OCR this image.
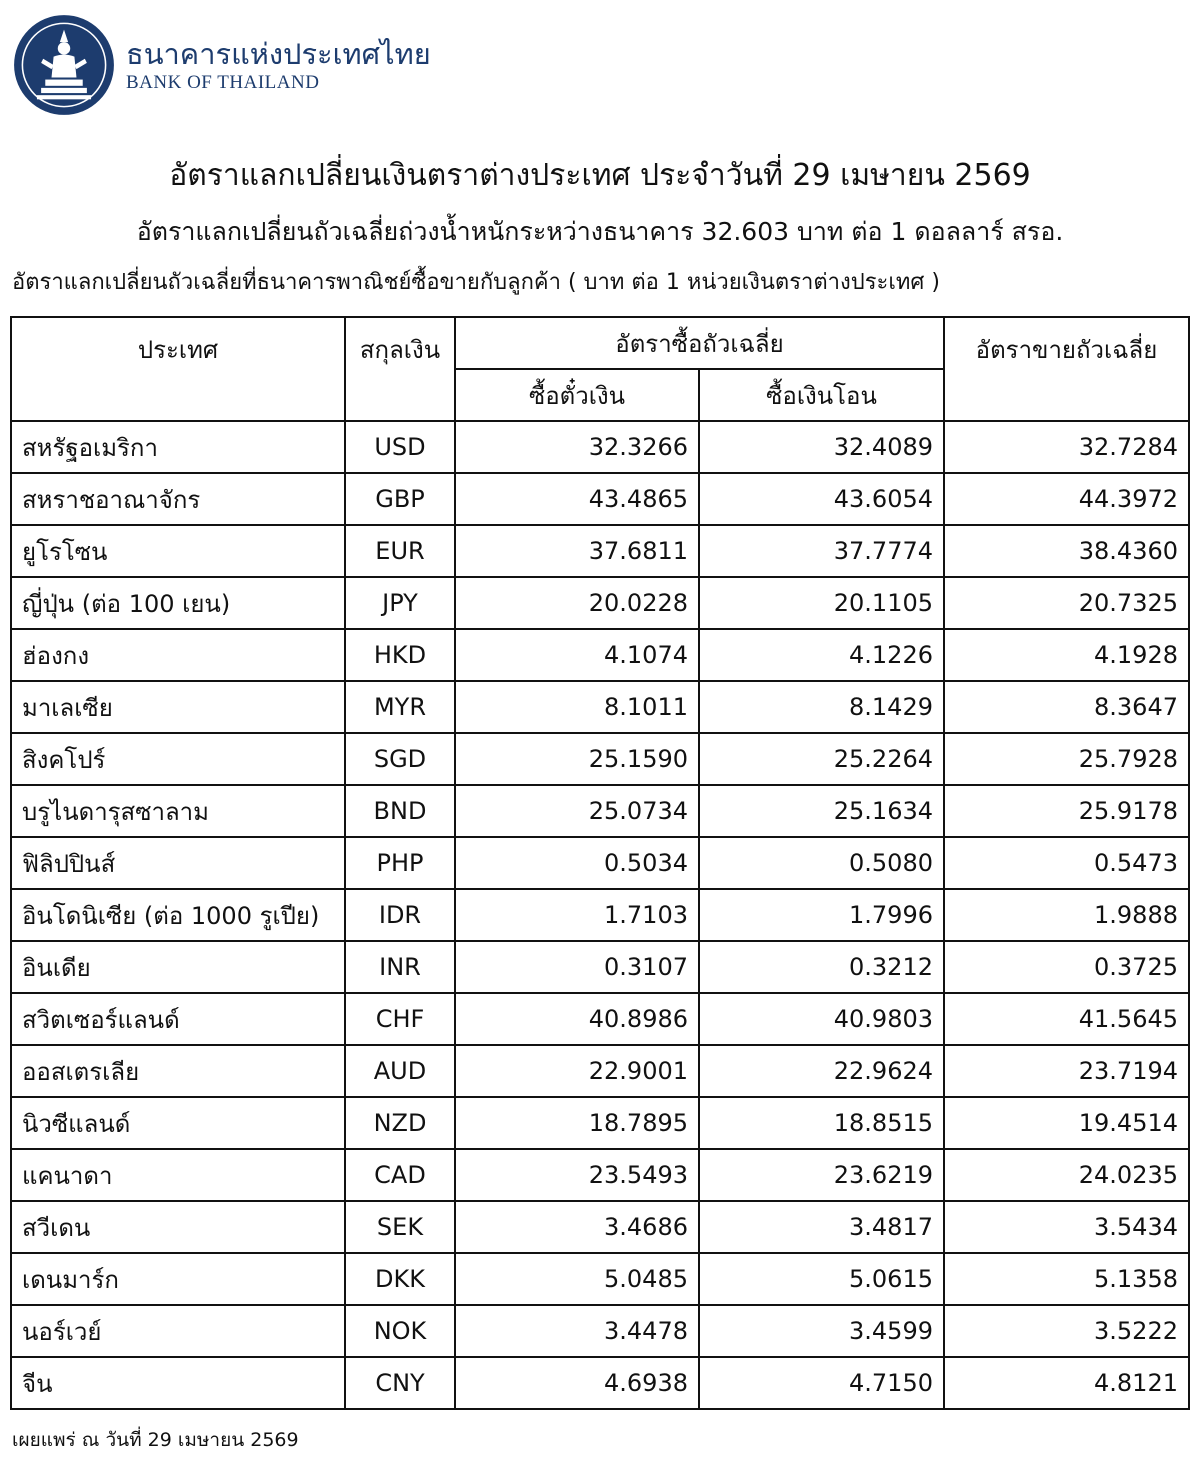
ธนาคารแห่งประเทศไทย
BANK OF THAILAND
อัตราแลกเปลี่ยนเงินตราต่างประเทศ ประจำวันที่ 29 เมษายน 2569
อัตราแลกเปลี่ยนถัวเฉลี่ยถ่วงน้ำหนักระหว่างธนาคาร 32.603 บาท ต่อ 1 ดอลลาร์ สรอ.
อัตราแลกเปลี่ยนถัวเฉลี่ยที่ธนาคารพาณิชย์ซื้อขายกับลูกค้า ( บาท ต่อ 1 หน่วยเงินตราต่างประเทศ )
ประเทศ	สกุลเงิน	อัตราซื้อถัวเฉลี่ย		อัตราขายถัวเฉลี่ย
		ซื้อตั๋วเงิน	ซื้อเงินโอน	
สหรัฐอเมริกา	USD	32.3266	32.4089	32.7284
สหราชอาณาจักร	GBP	43.4865	43.6054	44.3972
ยูโรโซน	EUR	37.6811	37.7774	38.4360
ญี่ปุ่น (ต่อ 100 เยน)	JPY	20.0228	20.1105	20.7325
ฮ่องกง	HKD	4.1074	4.1226	4.1928
มาเลเซีย	MYR	8.1011	8.1429	8.3647
สิงคโปร์	SGD	25.1590	25.2264	25.7928
บรูไนดารุสซาลาม	BND	25.0734	25.1634	25.9178
ฟิลิปปินส์	PHP	0.5034	0.5080	0.5473
อินโดนิเซีย (ต่อ 1000 รูเปีย)	IDR	1.7103	1.7996	1.9888
อินเดีย	INR	0.3107	0.3212	0.3725
สวิตเซอร์แลนด์	CHF	40.8986	40.9803	41.5645
ออสเตรเลีย	AUD	22.9001	22.9624	23.7194
นิวซีแลนด์	NZD	18.7895	18.8515	19.4514
แคนาดา	CAD	23.5493	23.6219	24.0235
สวีเดน	SEK	3.4686	3.4817	3.5434
เดนมาร์ก	DKK	5.0485	5.0615	5.1358
นอร์เวย์	NOK	3.4478	3.4599	3.5222
จีน	CNY	4.6938	4.7150	4.8121
เผยแพร่ ณ วันที่ 29 เมษายน 2569
